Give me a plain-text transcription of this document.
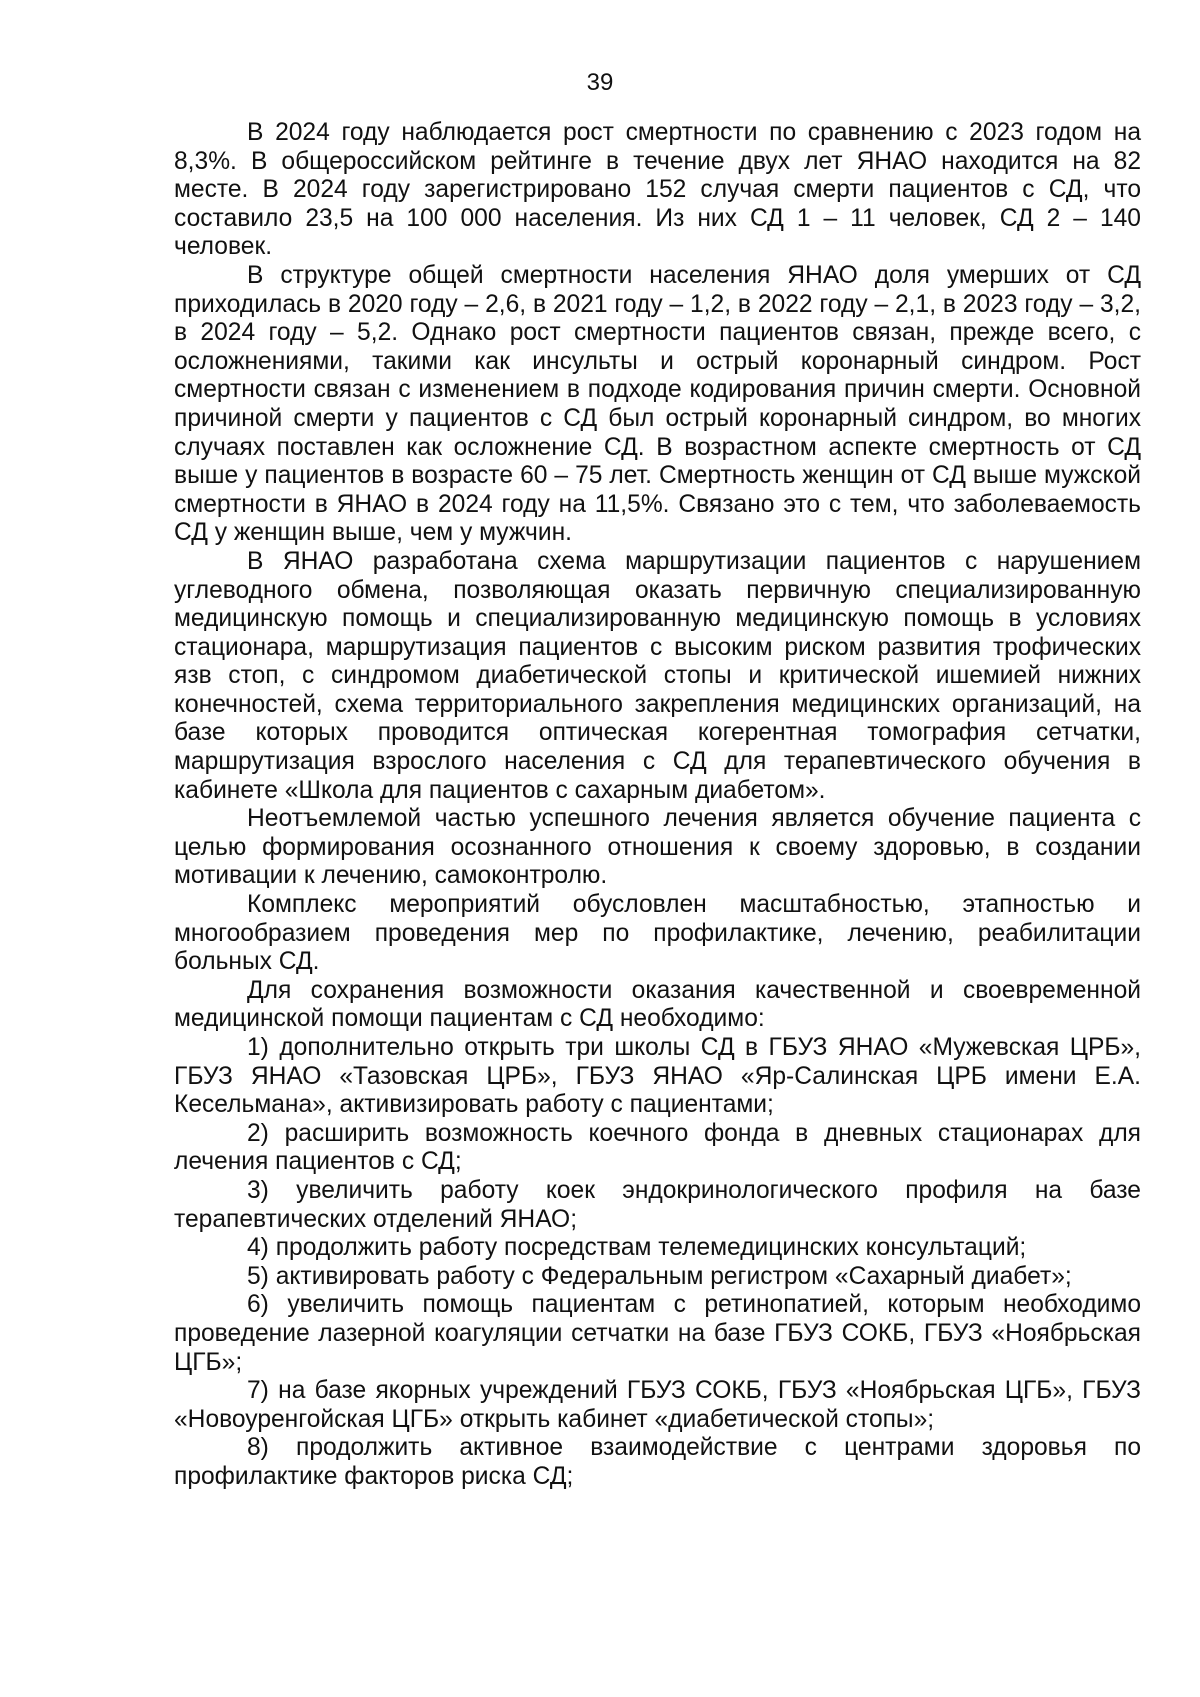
39

В 2024 году наблюдается рост смертности по сравнению с 2023 годом на 8,3%. В общероссийском рейтинге в течение двух лет ЯНАО находится на 82 месте. В 2024 году зарегистрировано 152 случая смерти пациентов с СД, что составило 23,5 на 100 000 населения. Из них СД 1 – 11 человек, СД 2 – 140 человек.

В структуре общей смертности населения ЯНАО доля умерших от СД приходилась в 2020 году – 2,6, в 2021 году – 1,2, в 2022 году – 2,1, в 2023 году – 3,2, в 2024 году – 5,2. Однако рост смертности пациентов связан, прежде всего, с осложнениями, такими как инсульты и острый коронарный синдром. Рост смертности связан с изменением в подходе кодирования причин смерти. Основной причиной смерти у пациентов с СД был острый коронарный синдром, во многих случаях поставлен как осложнение СД. В возрастном аспекте смертность от СД выше у пациентов в возрасте 60 – 75 лет. Смертность женщин от СД выше мужской смертности в ЯНАО в 2024 году на 11,5%. Связано это с тем, что заболеваемость СД у женщин выше, чем у мужчин.

В ЯНАО разработана схема маршрутизации пациентов с нарушением углеводного обмена, позволяющая оказать первичную специализированную медицинскую помощь и специализированную медицинскую помощь в условиях стационара, маршрутизация пациентов с высоким риском развития трофических язв стоп, с синдромом диабетической стопы и критической ишемией нижних конечностей, схема территориального закрепления медицинских организаций, на базе которых проводится оптическая когерентная томография сетчатки, маршрутизация взрослого населения с СД для терапевтического обучения в кабинете «Школа для пациентов с сахарным диабетом».

Неотъемлемой частью успешного лечения является обучение пациента с целью формирования осознанного отношения к своему здоровью, в создании мотивации к лечению, самоконтролю.

Комплекс мероприятий обусловлен масштабностью, этапностью и многообразием проведения мер по профилактике, лечению, реабилитации больных СД.

Для сохранения возможности оказания качественной и своевременной медицинской помощи пациентам с СД необходимо:

1) дополнительно открыть три школы СД в ГБУЗ ЯНАО «Мужевская ЦРБ», ГБУЗ ЯНАО «Тазовская ЦРБ», ГБУЗ ЯНАО «Яр-Салинская ЦРБ имени Е.А. Кесельмана», активизировать работу с пациентами;

2) расширить возможность коечного фонда в дневных стационарах для лечения пациентов с СД;

3) увеличить работу коек эндокринологического профиля на базе терапевтических отделений ЯНАО;

4) продолжить работу посредствам телемедицинских консультаций;

5) активировать работу с Федеральным регистром «Сахарный диабет»;

6) увеличить помощь пациентам с ретинопатией, которым необходимо проведение лазерной коагуляции сетчатки на базе ГБУЗ СОКБ, ГБУЗ «Ноябрьская ЦГБ»;

7) на базе якорных учреждений ГБУЗ СОКБ, ГБУЗ «Ноябрьская ЦГБ», ГБУЗ «Новоуренгойская ЦГБ» открыть кабинет «диабетической стопы»;

8) продолжить активное взаимодействие с центрами здоровья по профилактике факторов риска СД;
